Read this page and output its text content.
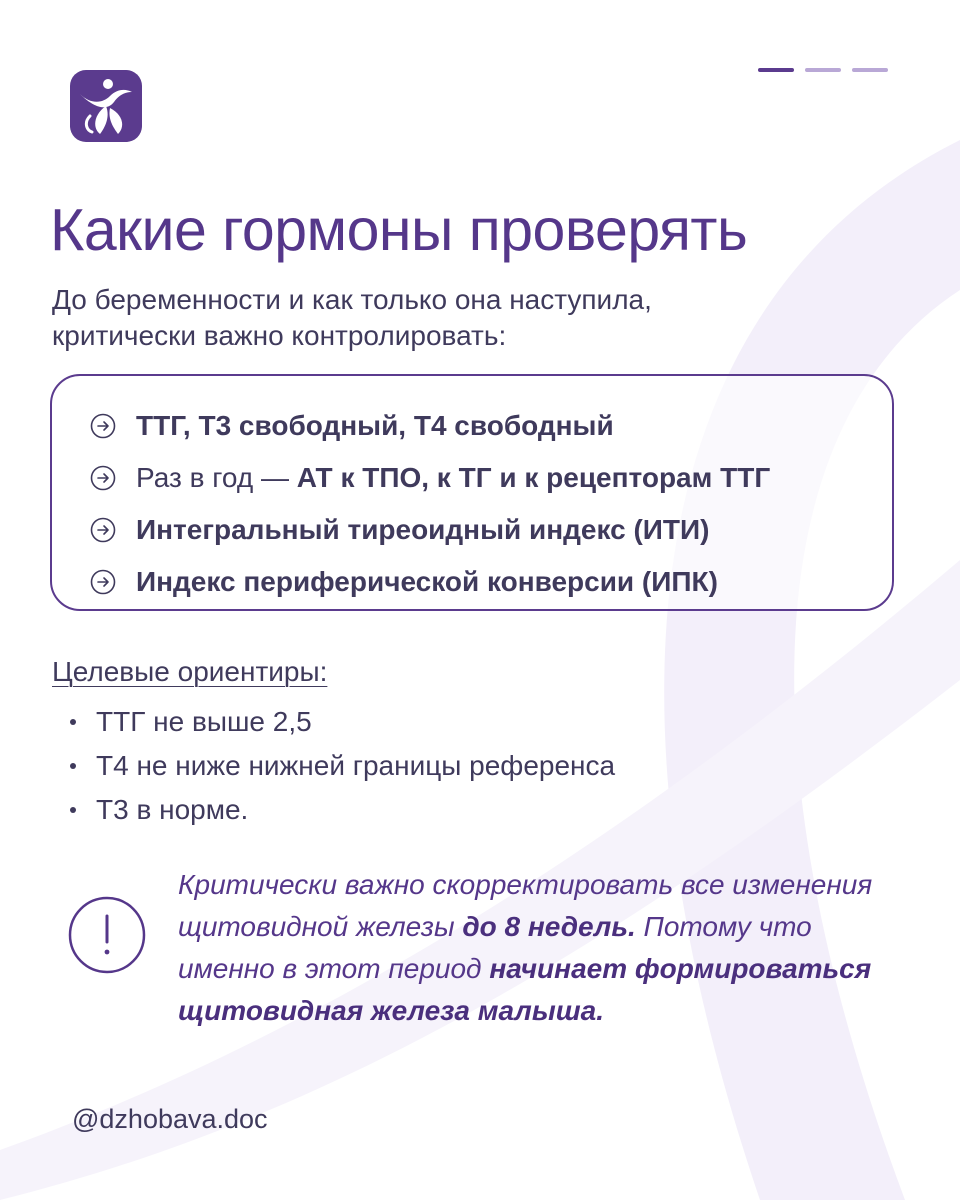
Какие гормоны проверять

До беременности и как только она наступила, критически важно контролировать:

ТТГ, Т3 свободный, Т4 свободный
Раз в год — АТ к ТПО, к ТГ и к рецепторам ТТГ
Интегральный тиреоидный индекс (ИТИ)
Индекс периферической конверсии (ИПК)
Целевые ориентиры:
ТТГ не выше 2,5
Т4 не ниже нижней границы референса
Т3 в норме.

Критически важно скорректировать все изменения щитовидной железы до 8 недель. Потому что именно в этот период начинает формироваться щитовидная железа малыша.

@dzhobava.doc
